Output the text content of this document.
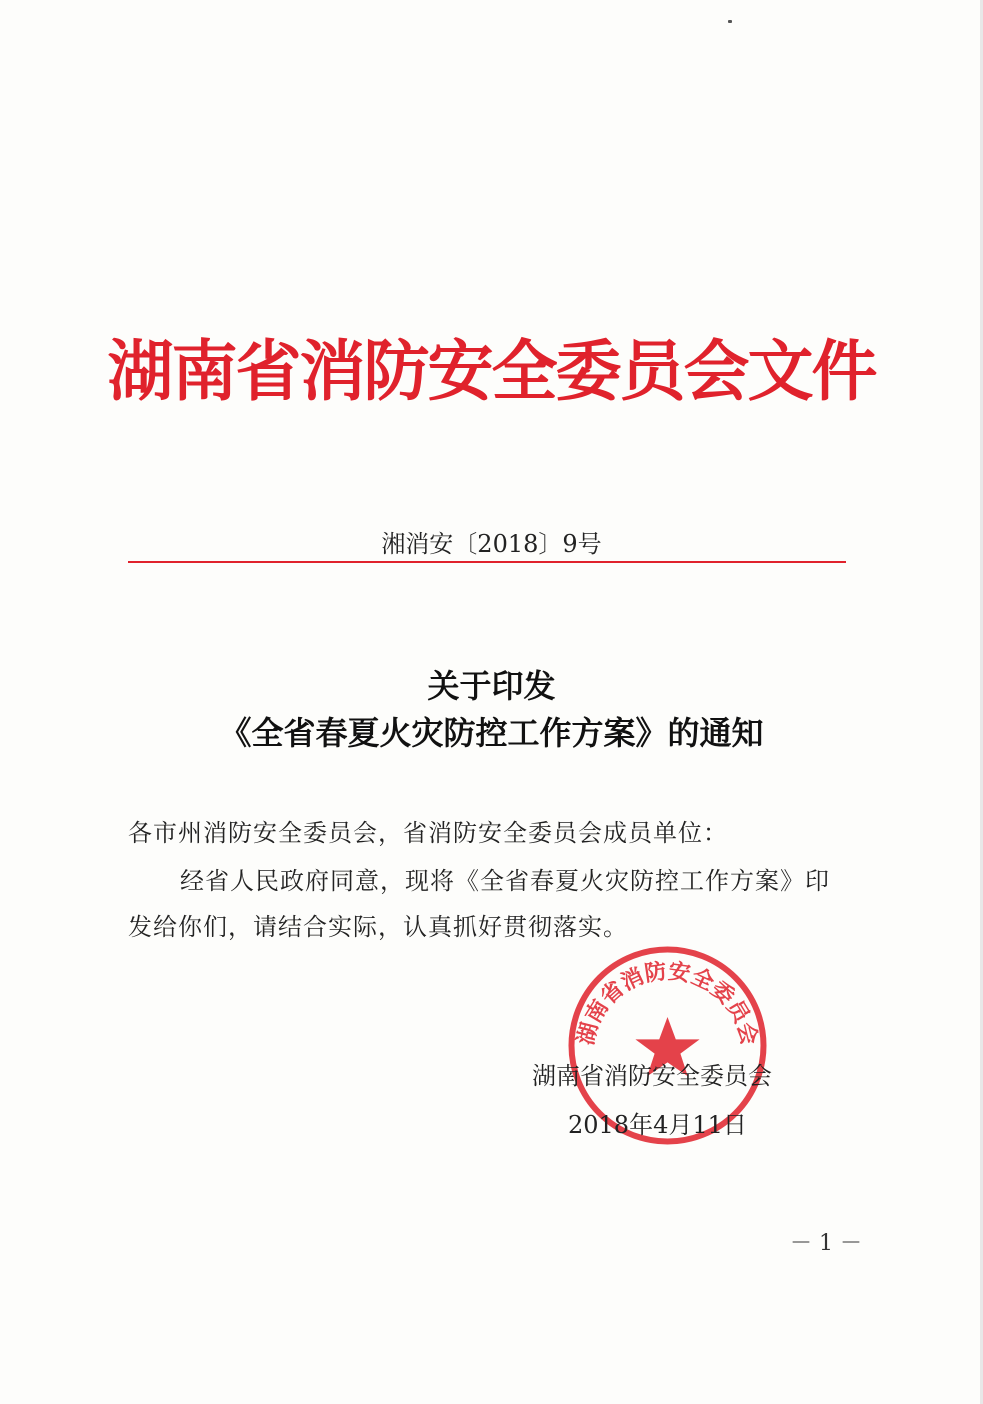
湖南省消防安全委员会文件
湘消安〔2018〕9号
关于印发
《全省春夏火灾防控工作方案》的通知
各市州消防安全委员会，省消防安全委员会成员单位：
经省人民政府同意，现将《全省春夏火灾防控工作方案》印
发给你们，请结合实际，认真抓好贯彻落实。
湖南省消防安全委员会
湖南省消防安全委员会
2018年4月11日
－ 1 －
